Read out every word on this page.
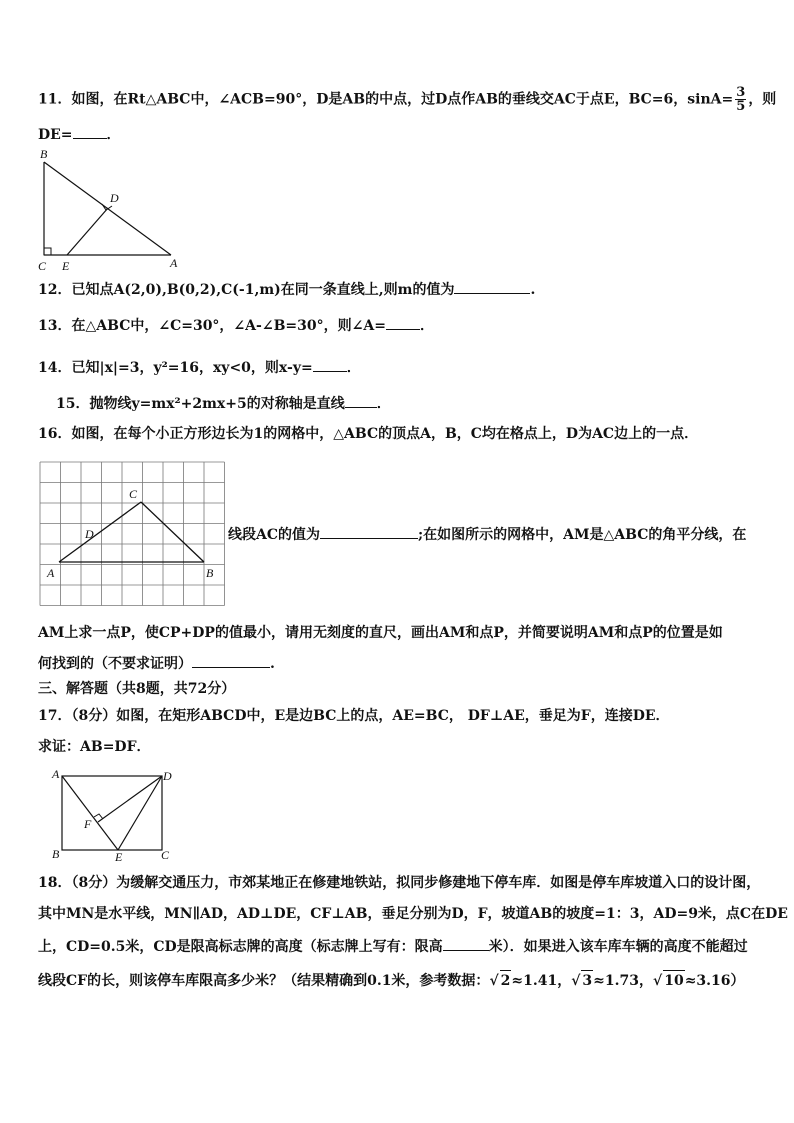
11．如图，在Rt△ABC中，∠ACB=90°，D是AB的中点，过D点作AB的垂线交AC于点E，BC=6，$\sin A= \frac{3}{5}$ ，则
DE= ．
B
D
C E	A
12．已知点A(2,0),B(0,2),C(-1,m)在同一条直线上,则m的值为	.
13．在△ABC中，∠C=30°，∠A-∠B=30°，则∠A= ．
14．已知|x|=3，y²=16，xy<0，则x-y= ．
15．抛物线y=mx²+2mx+5的对称轴是直线 ．
16．如图，在每个小正方形边长为1的网格中，△ABC的顶点A，B，C均在格点上，D为AC边上的一点．
C
D
A	B
线段AC的值为	;在如图所示的网格中，AM是△ABC的角平分线，在
AM上求一点P，使CP+DP的值最小，请用无刻度的直尺，画出AM和点P，并简要说明AM和点P的位置是如
何找到的（不要求证明）	.
三、解答题（共8题，共72分）
17．（8分）如图，在矩形ABCD中，E是边BC上的点，AE=BC， DF⊥AE，垂足为F，连接DE．
求证：AB=DF．
A	D
F
B	E	C
18．（8分）为缓解交通压力，市郊某地正在修建地铁站，拟同步修建地下停车库．如图是停车库坡道入口的设计图，
其中MN是水平线，MN∥AD，AD⊥DE，CF⊥AB，垂足分别为D，F，坡道AB的坡度=1：3，AD=9米，点C在DE
上，CD=0.5米，CD是限高标志牌的高度（标志牌上写有：限高	米）．如果进入该车库车辆的高度不能超过
线段CF的长，则该停车库限高多少米？（结果精确到0.1米，参考数据：√ 2≈1.41，√ 3≈1.73，√ 10≈3.16）
